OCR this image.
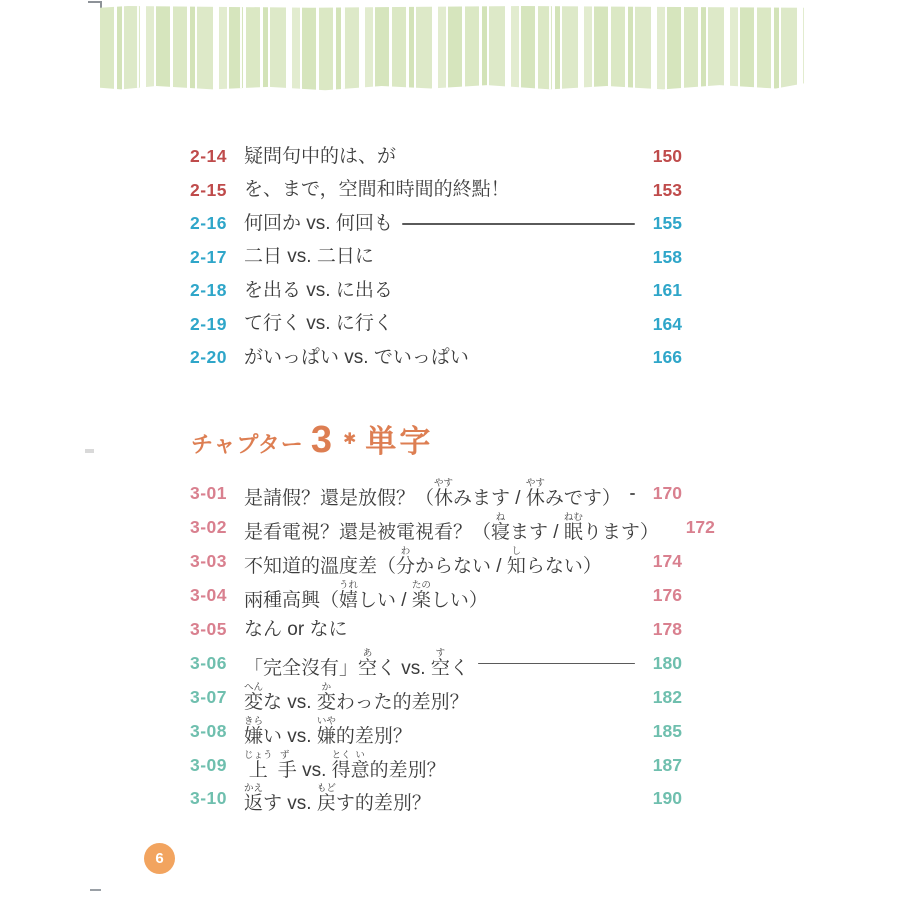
2-14 疑問句中的は、が	150
2-15 を、まで，空間和時間的終點！	153
2-16 何回か vs. 何回も	155
2-17 二日 vs. 二日に	158
2-18 を出る vs. に出る	161
2-19 て行く vs. に行く	164
2-20 がいっぱい vs. でいっぱい	166
チャプター 3 ✱ 単字
3-01 是請假？還是放假？（休やすみます / 休やすみです）	170
3-02 是看電視？還是被電視看？（寝ねます / 眠ねむります）	172
3-03 不知道的溫度差（分わからない / 知しらない）	174
3-04 兩種高興（嬉うれしい / 楽たのしい）	176
3-05 なん or なに	178
3-06 「完全沒有」空あく vs. 空すく	180
3-07 変へんな vs. 変かわった的差別？	182
3-08 嫌きらい vs. 嫌いや的差別？	185
3-09 上じょう 手ず vs. 得とく意い的差別？	187
3-10 返かえす vs. 戻もどす的差別？	190
6
